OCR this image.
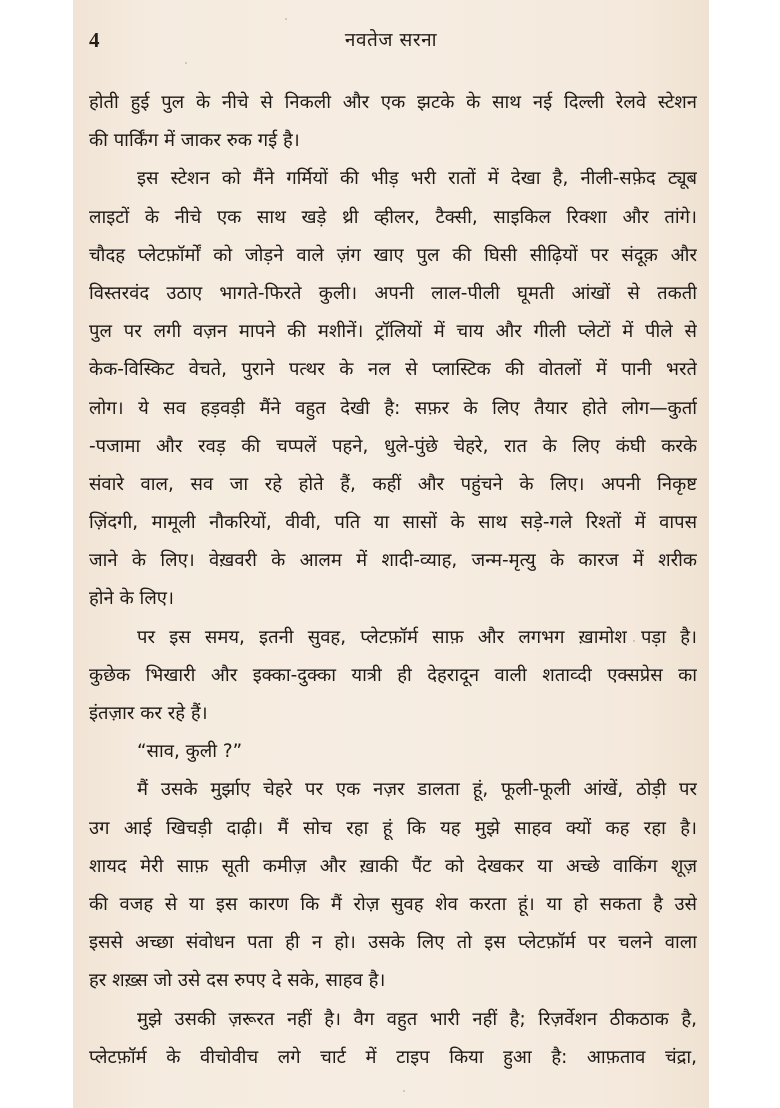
4	नवतेज सरना
होती हुई पुल के नीचे से निकली और एक झटके के साथ नई दिल्ली रेलवे स्टेशन
की पार्किंग में जाकर रुक गई है।
इस स्टेशन को मैंने गर्मियों की भीड़ भरी रातों में देखा है, नीली-सफ़ेद ट्यूब
लाइटों के नीचे एक साथ खड़े थ्री व्हीलर, टैक्सी, साइकिल रिक्शा और तांगे।
चौदह प्लेटफ़ॉर्मों को जोड़ने वाले ज़ंग खाए पुल की घिसी सीढ़ियों पर संदूक़ और
विस्तरवंद उठाए भागते-फिरते कुली। अपनी लाल-पीली घूमती आंखों से तकती
पुल पर लगी वज़न मापने की मशीनें। ट्रॉलियों में चाय और गीली प्लेटों में पीले से
केक-विस्किट वेचते, पुराने पत्थर के नल से प्लास्टिक की वोतलों में पानी भरते
लोग। ये सव हड़वड़ी मैंने वहुत देखी है: सफ़र के लिए तैयार होते लोग—कुर्ता
-पजामा और रवड़ की चप्पलें पहने, धुले-पुंछे चेहरे, रात के लिए कंघी करके
संवारे वाल, सव जा रहे होते हैं, कहीं और पहुंचने के लिए। अपनी निकृष्ट
ज़िंदगी, मामूली नौकरियों, वीवी, पति या सासों के साथ सड़े-गले रिश्तों में वापस
जाने के लिए। वेख़वरी के आलम में शादी-व्याह, जन्म-मृत्यु के कारज में शरीक
होने के लिए।
पर इस समय, इतनी सुवह, प्लेटफ़ॉर्म साफ़ और लगभग ख़ामोश पड़ा है।
कुछेक भिखारी और इक्का-दुक्का यात्री ही देहरादून वाली शताव्दी एक्सप्रेस का
इंतज़ार कर रहे हैं।
“साव, कुली ?”
मैं उसके मुर्झाए चेहरे पर एक नज़र डालता हूं, फूली-फूली आंखें, ठोड़ी पर
उग आई खिचड़ी दाढ़ी। मैं सोच रहा हूं कि यह मुझे साहव क्यों कह रहा है।
शायद मेरी साफ़ सूती कमीज़ और ख़ाकी पैंट को देखकर या अच्छे वाकिंग शूज़
की वजह से या इस कारण कि मैं रोज़ सुवह शेव करता हूं। या हो सकता है उसे
इससे अच्छा संवोधन पता ही न हो। उसके लिए तो इस प्लेटफ़ॉर्म पर चलने वाला
हर शख़्स जो उसे दस रुपए दे सके, साहव है।
मुझे उसकी ज़रूरत नहीं है। वैग वहुत भारी नहीं है; रिज़र्वेशन ठीकठाक है,
प्लेटफ़ॉर्म के वीचोवीच लगे चार्ट में टाइप किया हुआ है: आफ़ताव चंद्रा,
